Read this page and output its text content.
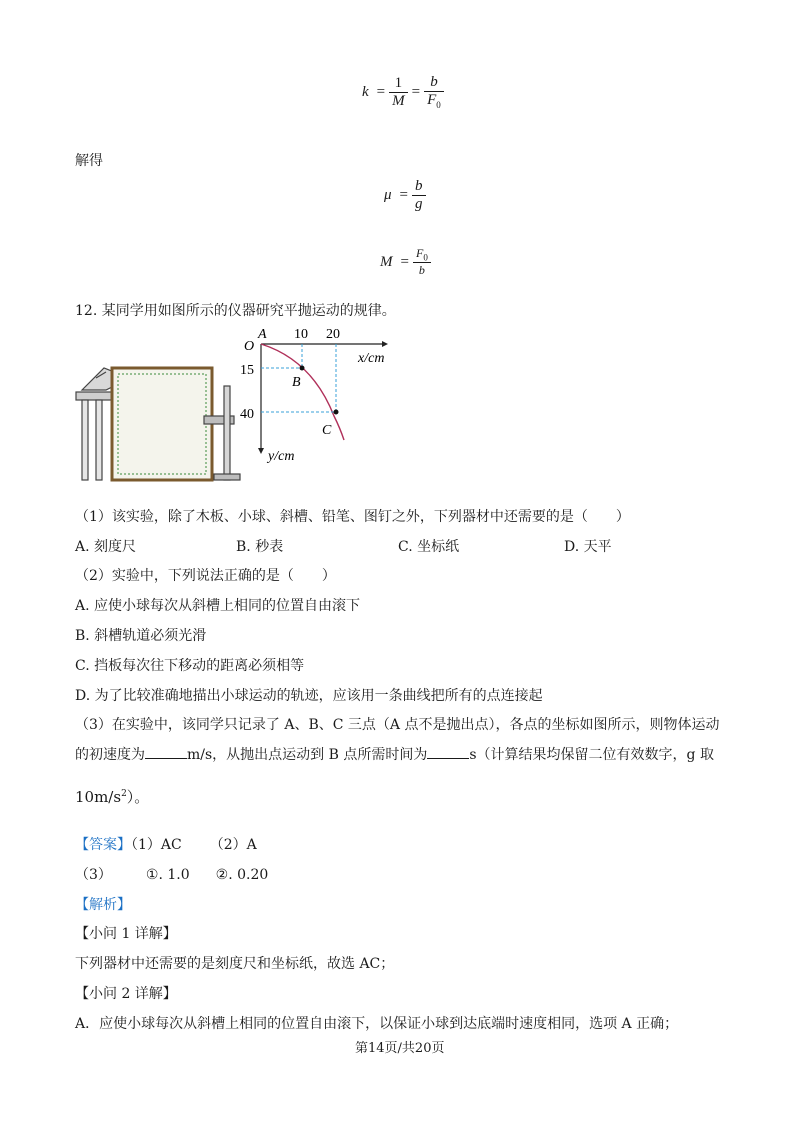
$k = \frac{1}{M} = \frac{b}{F_0}$
解得
$\mu = \frac{b}{g}$
$M = \frac{F_0}{b}$
12. 某同学用如图所示的仪器研究平抛运动的规律。
O
A 10 20
x/cm
15
40
B
C
y/cm
（1）该实验，除了木板、小球、斜槽、铅笔、图钉之外，下列器材中还需要的是（　　）
A. 刻度尺	B. 秒表	C. 坐标纸	D. 天平
（2）实验中，下列说法正确的是（　　）
A. 应使小球每次从斜槽上相同的位置自由滚下
B. 斜槽轨道必须光滑
C. 挡板每次往下移动的距离必须相等
D. 为了比较准确地描出小球运动的轨迹，应该用一条曲线把所有的点连接起
（3）在实验中，该同学只记录了 A、B、C 三点（A 点不是抛出点），各点的坐标如图所示，则物体运动
的初速度为	m/s，从抛出点运动到 B 点所需时间为	s（计算结果均保留二位有效数字，g 取
$10m/s^2$）。
【答案】（1）AC （2）A
（3） ①. 1.0 ②. 0.20
【解析】
【小问 1 详解】
下列器材中还需要的是刻度尺和坐标纸，故选 AC；
【小问 2 详解】
A．应使小球每次从斜槽上相同的位置自由滚下，以保证小球到达底端时速度相同，选项 A 正确；
第14页/共20页
